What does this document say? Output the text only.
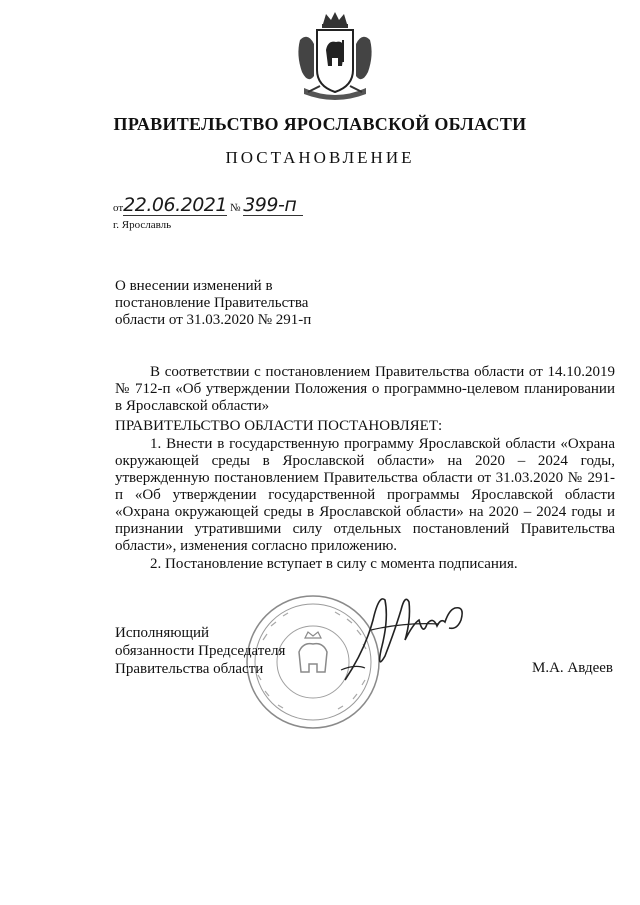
ПРАВИТЕЛЬСТВО ЯРОСЛАВСКОЙ ОБЛАСТИ
ПОСТАНОВЛЕНИЕ
от22.06.2021 № 399-п
г. Ярославль
О внесении изменений в
постановление Правительства
области от 31.03.2020 № 291-п
В соответствии с постановлением Правительства области от 14.10.2019 № 712-п «Об утверждении Положения о программно-целевом планировании в Ярославской области»
ПРАВИТЕЛЬСТВО ОБЛАСТИ ПОСТАНОВЛЯЕТ:
1. Внести в государственную программу Ярославской области «Охрана окружающей среды в Ярославской области» на 2020 – 2024 годы, утвержденную постановлением Правительства области от 31.03.2020 № 291-п «Об утверждении государственной программы Ярославской области «Охрана окружающей среды в Ярославской области» на 2020 – 2024 годы и признании утратившими силу отдельных постановлений Правительства области», изменения согласно приложению.
2. Постановление вступает в силу с момента подписания.
Исполняющий
обязанности Председателя
Правительства области	М.А. Авдеев
